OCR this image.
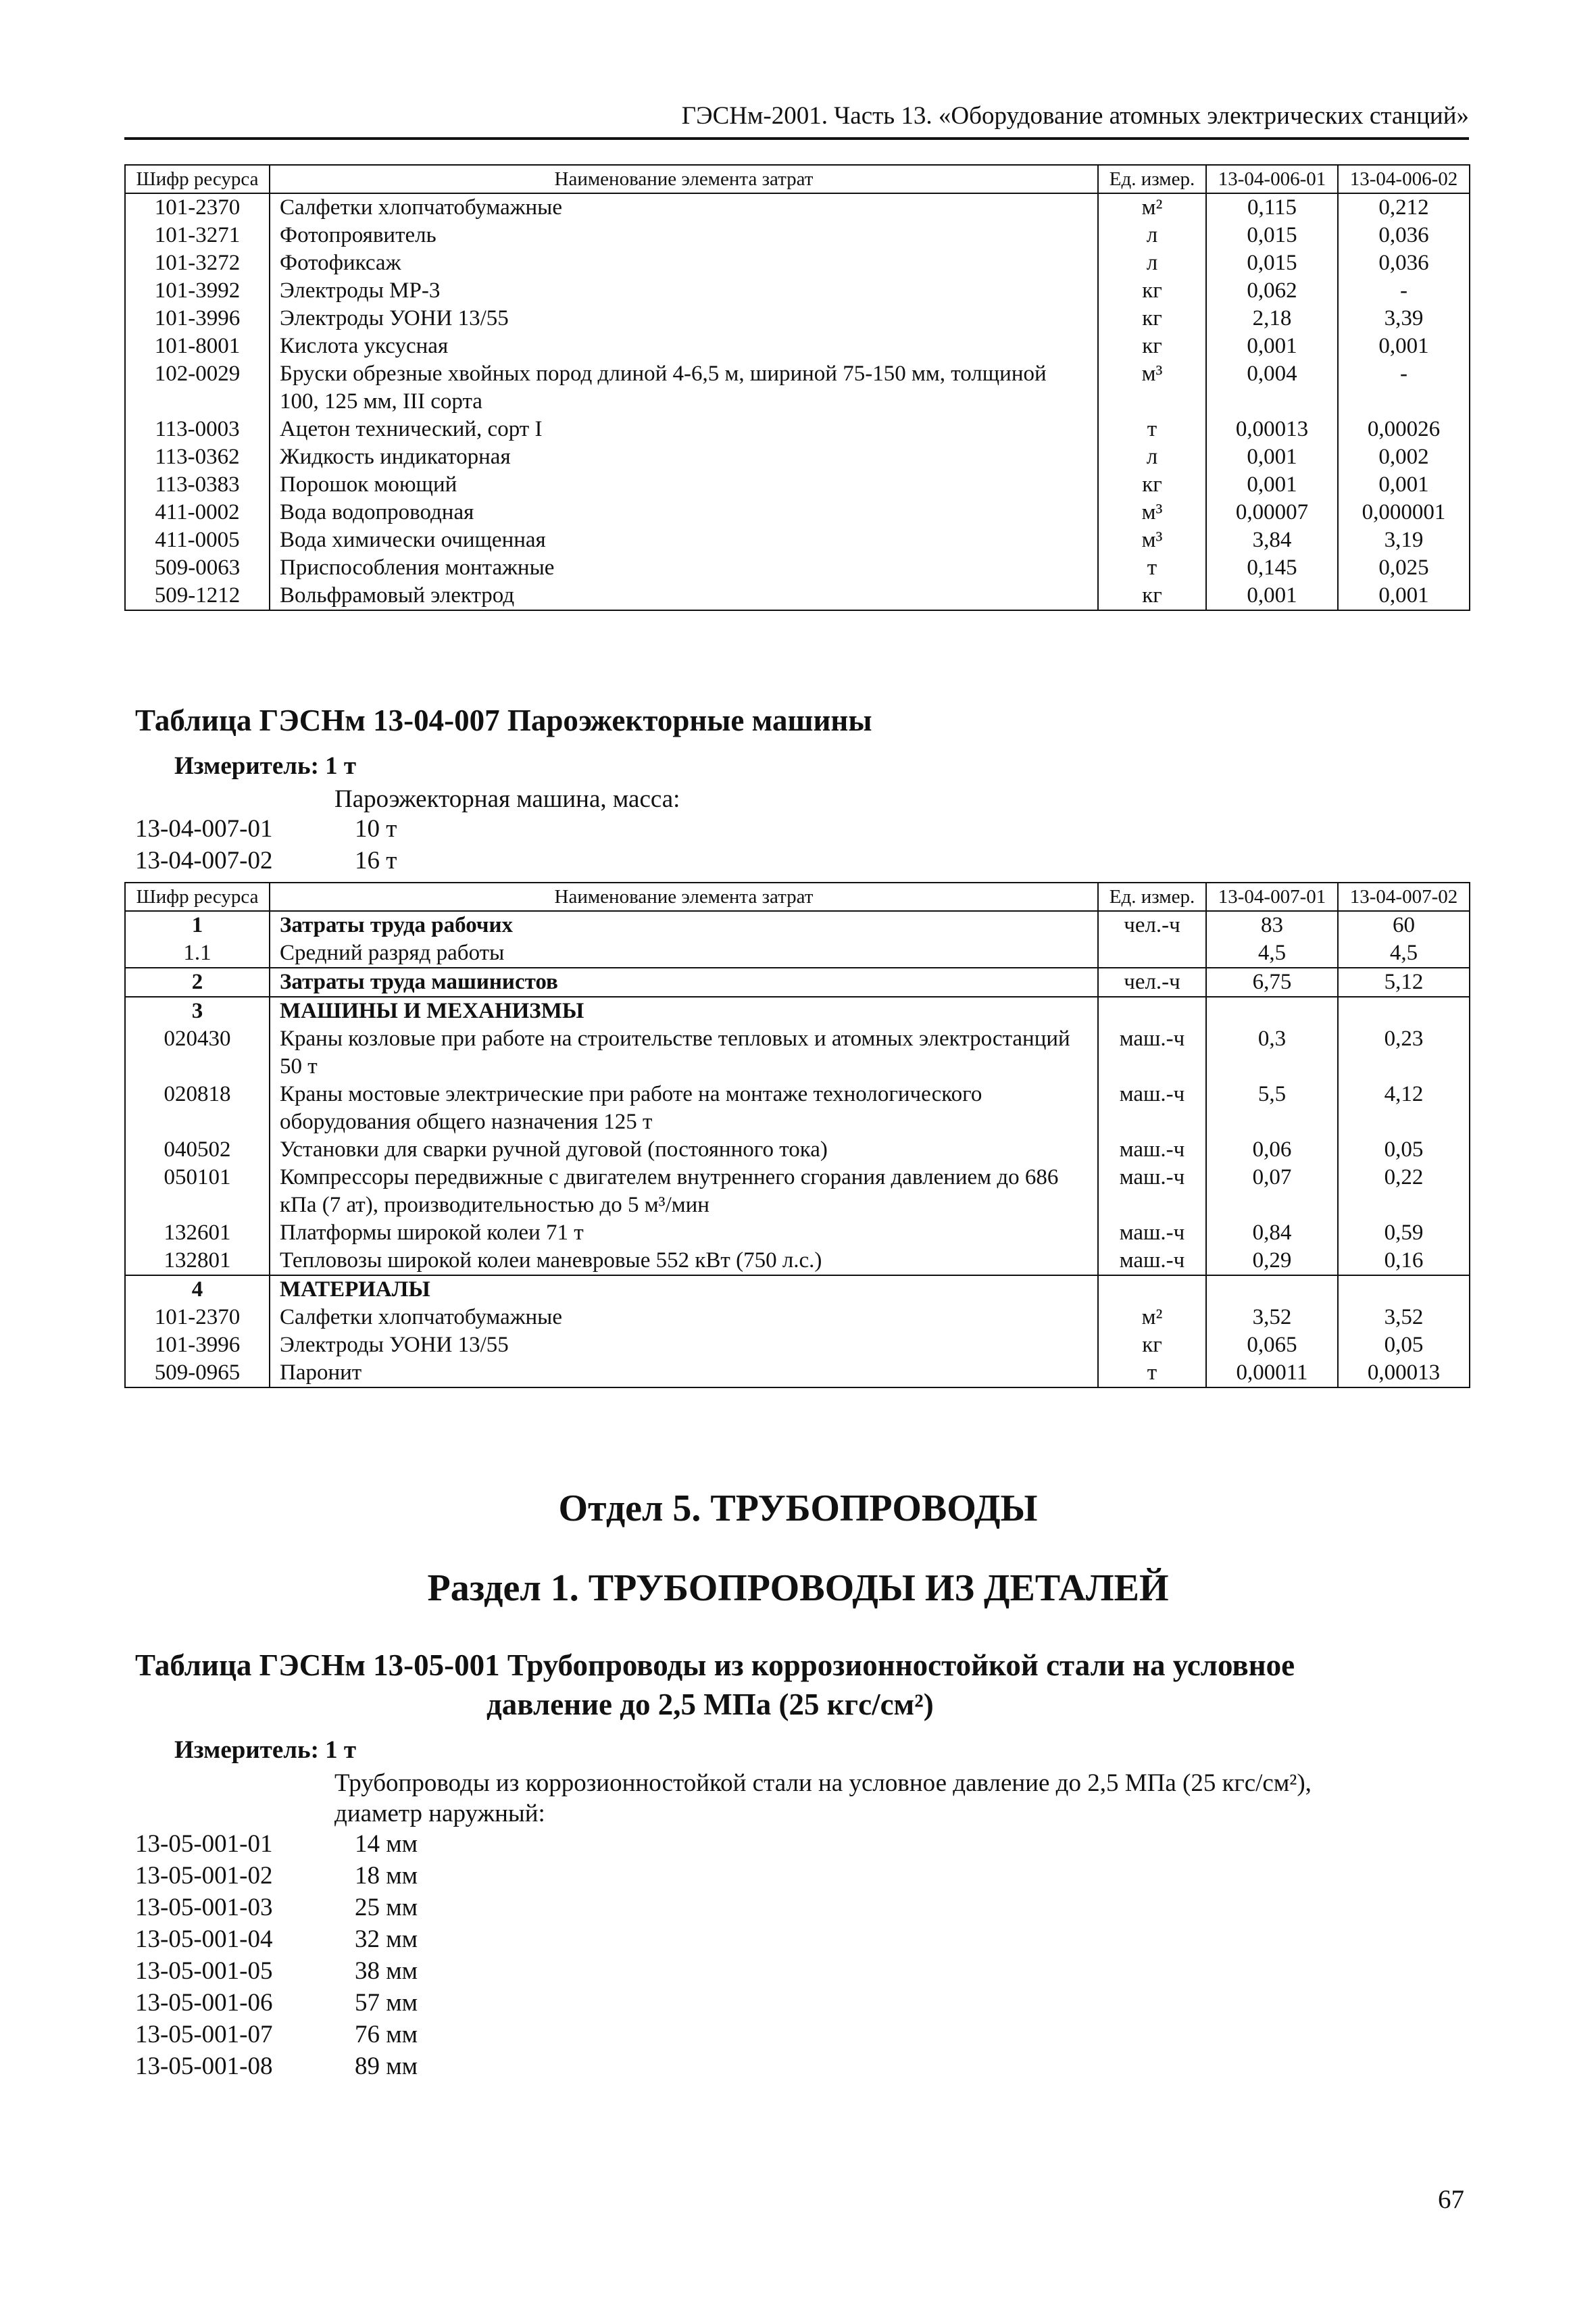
ГЭСНм-2001. Часть 13. «Оборудование атомных электрических станций»
Шифр ресурса	Наименование элемента затрат	Ед. измер.	13-04-006-01	13-04-006-02
101-2370	Салфетки хлопчатобумажные	м²	0,115	0,212
101-3271	Фотопроявитель	л	0,015	0,036
101-3272	Фотофиксаж	л	0,015	0,036
101-3992	Электроды МР-3	кг	0,062	-
101-3996	Электроды УОНИ 13/55	кг	2,18	3,39
101-8001	Кислота уксусная	кг	0,001	0,001
102-0029	Бруски обрезные хвойных пород длиной 4-6,5 м, шириной 75-150 мм, толщиной 100, 125 мм, III сорта	м³	0,004	-
113-0003	Ацетон технический, сорт I	т	0,00013	0,00026
113-0362	Жидкость индикаторная	л	0,001	0,002
113-0383	Порошок моющий	кг	0,001	0,001
411-0002	Вода водопроводная	м³	0,00007	0,000001
411-0005	Вода химически очищенная	м³	3,84	3,19
509-0063	Приспособления монтажные	т	0,145	0,025
509-1212	Вольфрамовый электрод	кг	0,001	0,001
Таблица ГЭСНм 13-04-007 Пароэжекторные машины
Измеритель: 1 т
Пароэжекторная машина, масса:
13-04-007-01	10 т
13-04-007-02	16 т
Шифр ресурса	Наименование элемента затрат	Ед. измер.	13-04-007-01	13-04-007-02
1	Затраты труда рабочих	чел.-ч	83	60
1.1	Средний разряд работы		4,5	4,5
2	Затраты труда машинистов	чел.-ч	6,75	5,12
3	МАШИНЫ И МЕХАНИЗМЫ			
020430	Краны козловые при работе на строительстве тепловых и атомных электростанций 50 т	маш.-ч	0,3	0,23
020818	Краны мостовые электрические при работе на монтаже технологического оборудования общего назначения 125 т	маш.-ч	5,5	4,12
040502	Установки для сварки ручной дуговой (постоянного тока)	маш.-ч	0,06	0,05
050101	Компрессоры передвижные с двигателем внутреннего сгорания давлением до 686 кПа (7 ат), производительностью до 5 м³/мин	маш.-ч	0,07	0,22
132601	Платформы широкой колеи 71 т	маш.-ч	0,84	0,59
132801	Тепловозы широкой колеи маневровые 552 кВт (750 л.с.)	маш.-ч	0,29	0,16
4	МАТЕРИАЛЫ			
101-2370	Салфетки хлопчатобумажные	м²	3,52	3,52
101-3996	Электроды УОНИ 13/55	кг	0,065	0,05
509-0965	Паронит	т	0,00011	0,00013
Отдел 5. ТРУБОПРОВОДЫ
Раздел 1. ТРУБОПРОВОДЫ ИЗ ДЕТАЛЕЙ
Таблица ГЭСНм 13-05-001 Трубопроводы из коррозионностойкой стали на условное
давление до 2,5 МПа (25 кгс/см²)
Измеритель: 1 т
Трубопроводы из коррозионностойкой стали на условное давление до 2,5 МПа (25 кгс/см²),
диаметр наружный:
13-05-001-01	14 мм
13-05-001-02	18 мм
13-05-001-03	25 мм
13-05-001-04	32 мм
13-05-001-05	38 мм
13-05-001-06	57 мм
13-05-001-07	76 мм
13-05-001-08	89 мм
67
